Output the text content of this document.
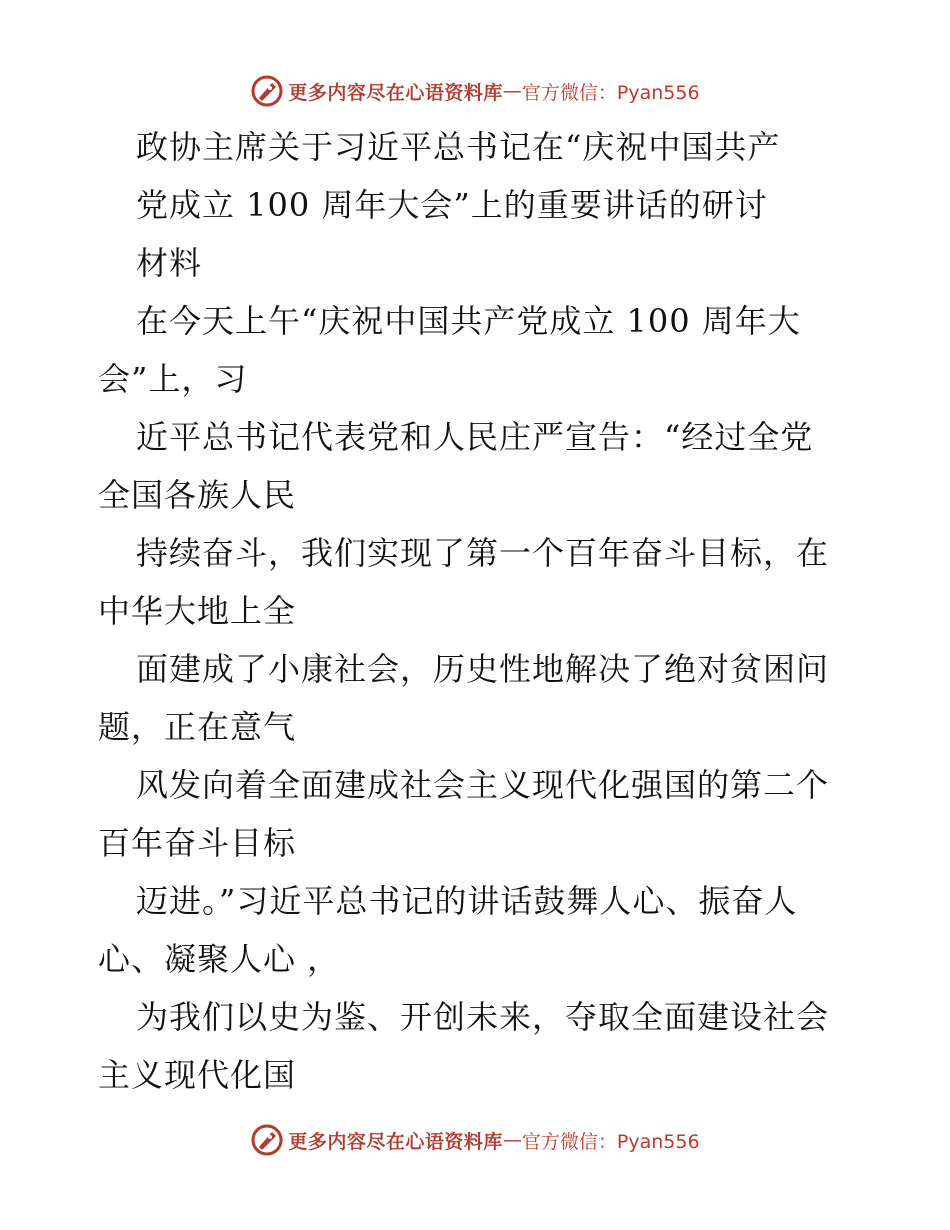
更多内容尽在心语资料库 — 官方微信：Pyan556
政协主席关于习近平总书记在“庆祝中国共产
党成立 100 周年大会”上的重要讲话的研讨
材料
在今天上午“庆祝中国共产党成立 100 周年大
会”上，习
近平总书记代表党和人民庄严宣告：“经过全党
全国各族人民
持续奋斗，我们实现了第一个百年奋斗目标，在
中华大地上全
面建成了小康社会，历史性地解决了绝对贫困问
题，正在意气
风发向着全面建成社会主义现代化强国的第二个
百年奋斗目标
迈进。”习近平总书记的讲话鼓舞人心、振奋人
心、凝聚人心 ，
为我们以史为鉴、开创未来，夺取全面建设社会
主义现代化国
更多内容尽在心语资料库 — 官方微信：Pyan556
